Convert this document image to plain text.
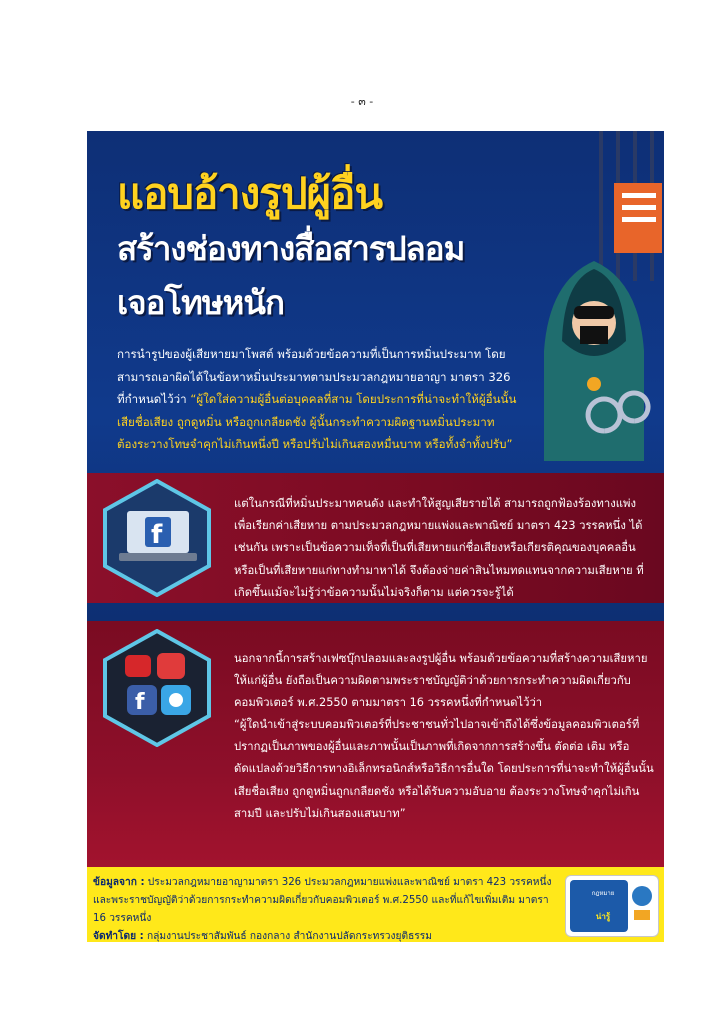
- ๓ -
แอบอ้างรูปผู้อื่น
สร้างช่องทางสื่อสารปลอม
เจอโทษหนัก
การนำรูปของผู้เสียหายมาโพสต์ พร้อมด้วยข้อความที่เป็นการหมิ่นประมาท โดยสามารถเอาผิดได้ในข้อหาหมิ่นประมาทตามประมวลกฎหมายอาญา มาตรา 326 ที่กำหนดไว้ว่า “ผู้ใดใส่ความผู้อื่นต่อบุคคลที่สาม โดยประการที่น่าจะทำให้ผู้อื่นนั้นเสียชื่อเสียง ถูกดูหมิ่น หรือถูกเกลียดชัง ผู้นั้นกระทำความผิดฐานหมิ่นประมาท ต้องระวางโทษจำคุกไม่เกินหนึ่งปี หรือปรับไม่เกินสองหมื่นบาท หรือทั้งจำทั้งปรับ”
f
f
แต่ในกรณีที่หมิ่นประมาทคนดัง และทำให้สูญเสียรายได้ สามารถถูกฟ้องร้องทางแพ่ง เพื่อเรียกค่าเสียหาย ตามประมวลกฎหมายแพ่งและพาณิชย์ มาตรา 423 วรรคหนึ่ง ได้เช่นกัน เพราะเป็นข้อความเท็จที่เป็นที่เสียหายแก่ชื่อเสียงหรือเกียรติคุณของบุคคลอื่น หรือเป็นที่เสียหายแก่ทางทำมาหาได้ จึงต้องจ่ายค่าสินไหมทดแทนจากความเสียหาย ที่เกิดขึ้นแม้จะไม่รู้ว่าข้อความนั้นไม่จริงก็ตาม แต่ควรจะรู้ได้
นอกจากนี้การสร้างเฟซบุ๊กปลอมและลงรูปผู้อื่น พร้อมด้วยข้อความที่สร้างความเสียหายให้แก่ผู้อื่น ยังถือเป็นความผิดตามพระราชบัญญัติว่าด้วยการกระทำความผิดเกี่ยวกับคอมพิวเตอร์ พ.ศ.2550 ตามมาตรา 16 วรรคหนึ่งที่กำหนดไว้ว่า
“ผู้ใดนำเข้าสู่ระบบคอมพิวเตอร์ที่ประชาชนทั่วไปอาจเข้าถึงได้ซึ่งข้อมูลคอมพิวเตอร์ที่ปรากฏเป็นภาพของผู้อื่นและภาพนั้นเป็นภาพที่เกิดจากการสร้างขึ้น ตัดต่อ เติม หรือดัดแปลงด้วยวิธีการทางอิเล็กทรอนิกส์หรือวิธีการอื่นใด โดยประการที่น่าจะทำให้ผู้อื่นนั้นเสียชื่อเสียง ถูกดูหมิ่นถูกเกลียดชัง หรือได้รับความอับอาย ต้องระวางโทษจำคุกไม่เกินสามปี และปรับไม่เกินสองแสนบาท”
ข้อมูลจาก : ประมวลกฎหมายอาญามาตรา 326 ประมวลกฎหมายแพ่งและพาณิชย์ มาตรา 423 วรรคหนึ่ง และพระราชบัญญัติว่าด้วยการกระทำความผิดเกี่ยวกับคอมพิวเตอร์ พ.ศ.2550 และที่แก้ไขเพิ่มเติม มาตรา 16 วรรคหนึ่ง
จัดทำโดย : กลุ่มงานประชาสัมพันธ์ กองกลาง สำนักงานปลัดกระทรวงยุติธรรม
กฎหมาย
น่ารู้
